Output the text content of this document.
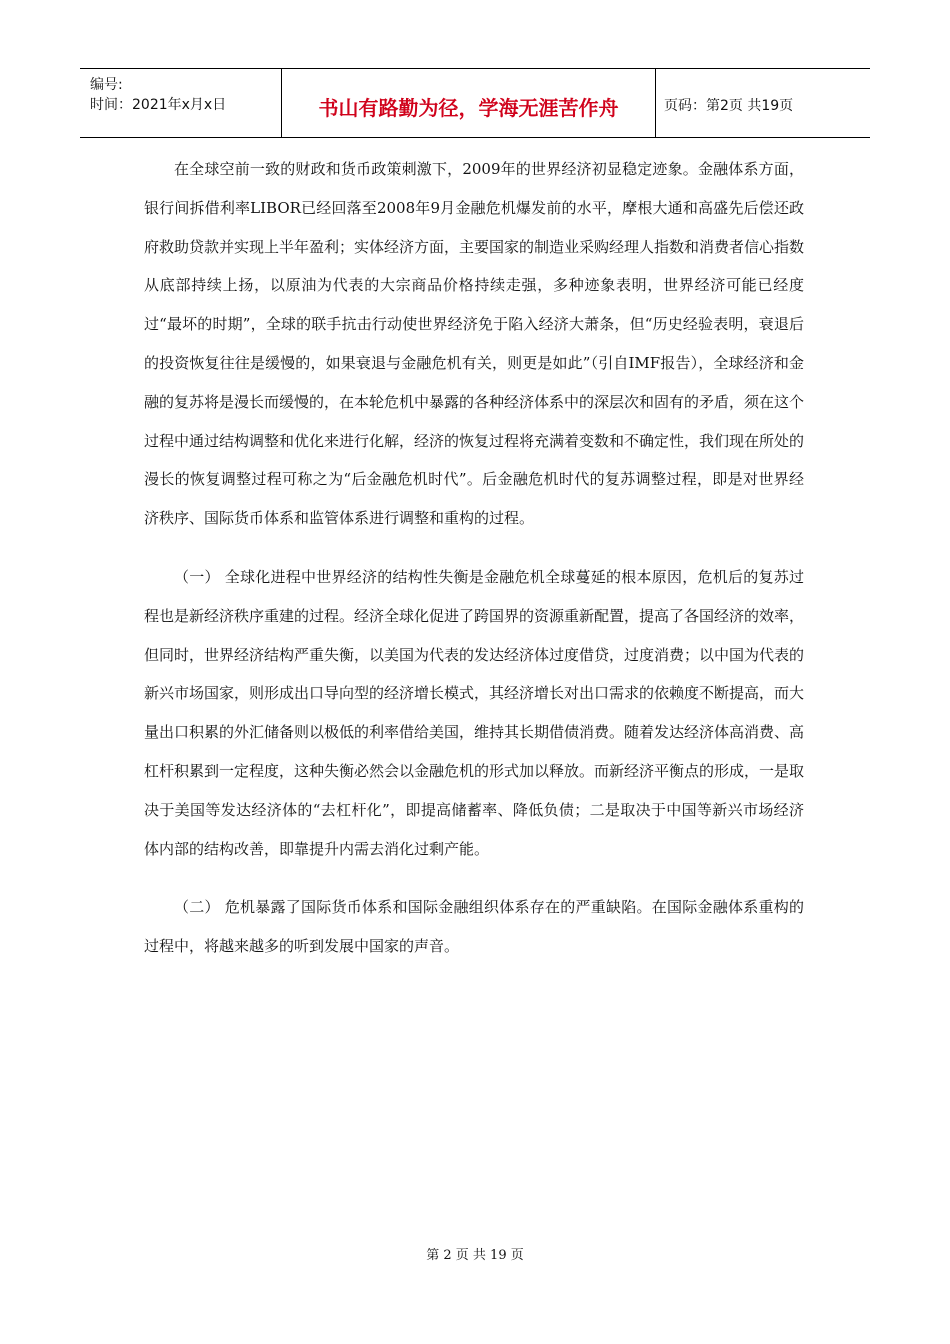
编号:
时间：2021年x月x日	书山有路勤为径，学海无涯苦作舟	页码：第2页 共19页

在全球空前一致的财政和货币政策刺激下，2009年的世界经济初显稳定迹象。金融体系方面，银行间拆借利率LIBOR已经回落至2008年9月金融危机爆发前的水平，摩根大通和高盛先后偿还政府救助贷款并实现上半年盈利；实体经济方面，主要国家的制造业采购经理人指数和消费者信心指数从底部持续上扬，以原油为代表的大宗商品价格持续走强，多种迹象表明，世界经济可能已经度过“最坏的时期”，全球的联手抗击行动使世界经济免于陷入经济大萧条，但“历史经验表明，衰退后的投资恢复往往是缓慢的，如果衰退与金融危机有关，则更是如此”（引自IMF报告），全球经济和金融的复苏将是漫长而缓慢的，在本轮危机中暴露的各种经济体系中的深层次和固有的矛盾，须在这个过程中通过结构调整和优化来进行化解，经济的恢复过程将充满着变数和不确定性，我们现在所处的漫长的恢复调整过程可称之为“后金融危机时代”。后金融危机时代的复苏调整过程，即是对世界经济秩序、国际货币体系和监管体系进行调整和重构的过程。

（一） 全球化进程中世界经济的结构性失衡是金融危机全球蔓延的根本原因，危机后的复苏过程也是新经济秩序重建的过程。经济全球化促进了跨国界的资源重新配置，提高了各国经济的效率，但同时，世界经济结构严重失衡，以美国为代表的发达经济体过度借贷，过度消费；以中国为代表的新兴市场国家，则形成出口导向型的经济增长模式，其经济增长对出口需求的依赖度不断提高，而大量出口积累的外汇储备则以极低的利率借给美国，维持其长期借债消费。随着发达经济体高消费、高杠杆积累到一定程度，这种失衡必然会以金融危机的形式加以释放。而新经济平衡点的形成，一是取决于美国等发达经济体的“去杠杆化”，即提高储蓄率、降低负债；二是取决于中国等新兴市场经济体内部的结构改善，即靠提升内需去消化过剩产能。

（二） 危机暴露了国际货币体系和国际金融组织体系存在的严重缺陷。在国际金融体系重构的过程中，将越来越多的听到发展中国家的声音。

第 2 页 共 19 页
